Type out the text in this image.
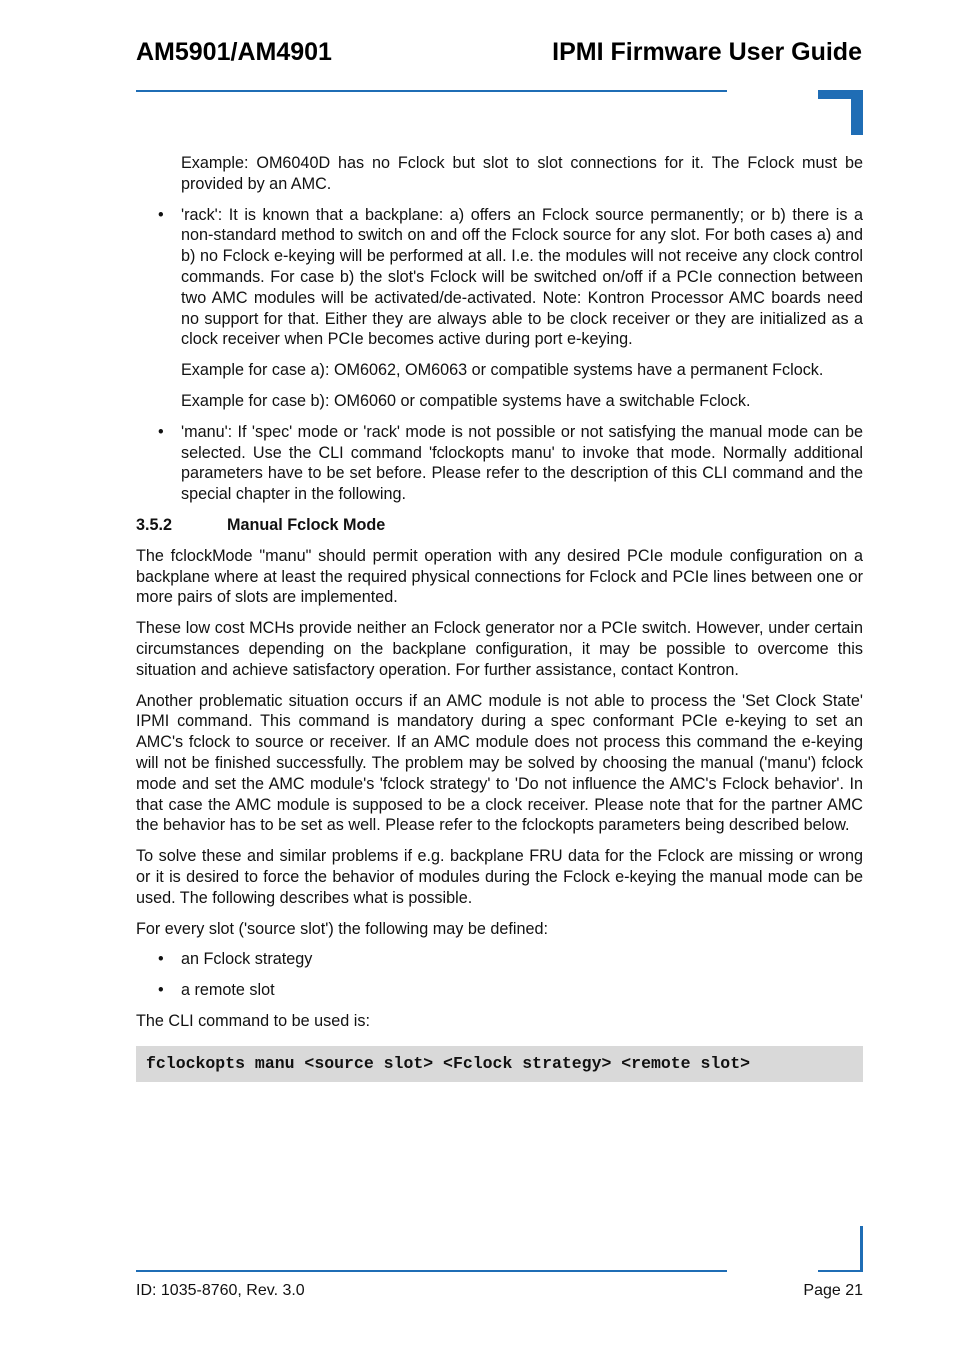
AM5901/AM4901	IPMI Firmware User Guide

Example: OM6040D has no Fclock but slot to slot connections for it. The Fclock must be provided by an AMC.

• 'rack': It is known that a backplane: a) offers an Fclock source permanently; or b) there is a non-standard method to switch on and off the Fclock source for any slot. For both cases a) and b) no Fclock e-keying will be performed at all. I.e. the modules will not receive any clock control commands. For case b) the slot's Fclock will be switched on/off if a PCIe connection between two AMC modules will be activated/de-activated. Note: Kontron Processor AMC boards need no support for that. Either they are always able to be clock receiver or they are initialized as a clock receiver when PCIe becomes active during port e-keying.

Example for case a): OM6062, OM6063 or compatible systems have a permanent Fclock.

Example for case b): OM6060 or compatible systems have a switchable Fclock.

• 'manu': If 'spec' mode or 'rack' mode is not possible or not satisfying the manual mode can be selected. Use the CLI command 'fclockopts manu' to invoke that mode. Normally additional parameters have to be set before. Please refer to the description of this CLI command and the special chapter in the following.
3.5.2	Manual Fclock Mode

The fclockMode "manu" should permit operation with any desired PCIe module configuration on a backplane where at least the required physical connections for Fclock and PCIe lines between one or more pairs of slots are implemented.

These low cost MCHs provide neither an Fclock generator nor a PCIe switch. However, under certain circumstances depending on the backplane configuration, it may be possible to overcome this situation and achieve satisfactory operation. For further assistance, contact Kontron.

Another problematic situation occurs if an AMC module is not able to process the 'Set Clock State' IPMI command. This command is mandatory during a spec conformant PCIe e-keying to set an AMC's fclock to source or receiver. If an AMC module does not process this command the e-keying will not be finished successfully. The problem may be solved by choosing the manual ('manu') fclock mode and set the AMC module's 'fclock strategy' to 'Do not influence the AMC's Fclock behavior'. In that case the AMC module is supposed to be a clock receiver. Please note that for the partner AMC the behavior has to be set as well. Please refer to the fclockopts parameters being described below.

To solve these and similar problems if e.g. backplane FRU data for the Fclock are missing or wrong or it is desired to force the behavior of modules during the Fclock e-keying the manual mode can be used. The following describes what is possible.

For every slot ('source slot') the following may be defined:

• an Fclock strategy
• a remote slot

The CLI command to be used is:

fclockopts manu <source slot> <Fclock strategy> <remote slot>
ID: 1035-8760, Rev. 3.0	Page 21
